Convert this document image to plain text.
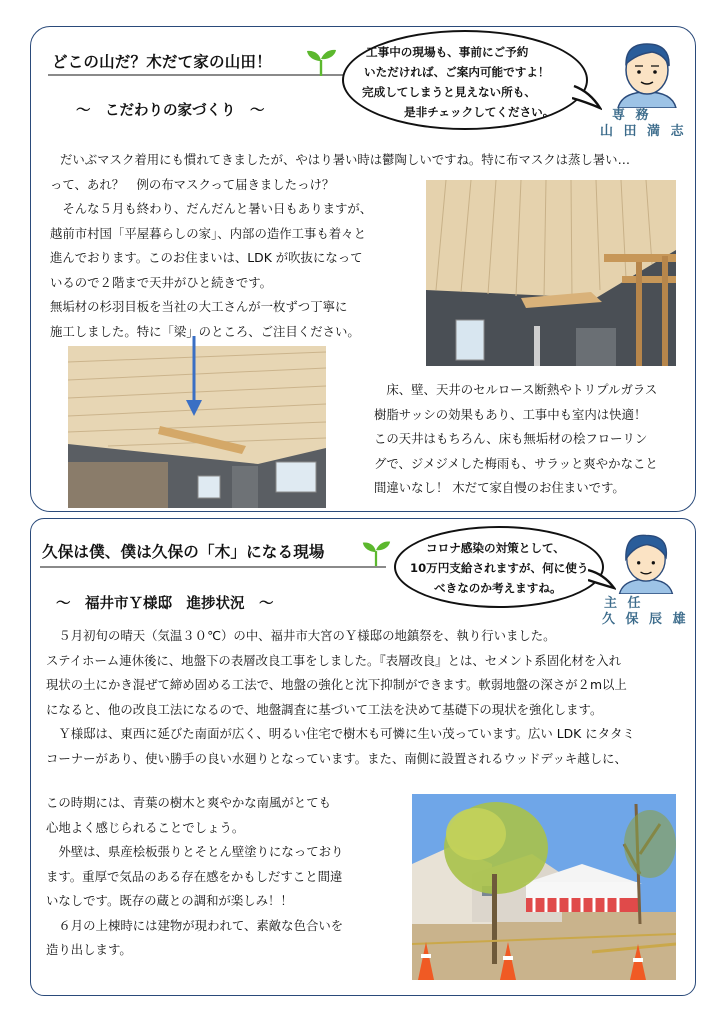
どこの山だ？木だて家の山田！
～　こだわりの家づくり　～
工事中の現場も、事前にご予約
いただければ、ご案内可能ですよ！
完成してしまうと見えない所も、
是非チェックしてください。	専 務
山 田 満 志

だいぶマスク着用にも慣れてきましたが、やはり暑い時は鬱陶しいですね。特に布マスクは蒸し暑い…

って、あれ？　例の布マスクって届きましたっけ？

　そんな５月も終わり、だんだんと暑い日もありますが、

越前市村国「平屋暮らしの家」、内部の造作工事も着々と

進んでおります。このお住まいは、LDK が吹抜になって

いるので２階まで天井がひと続きです。

無垢材の杉羽目板を当社の大工さんが一枚ずつ丁寧に

施工しました。特に「梁」のところ、ご注目ください。

　床、壁、天井のセルロース断熱やトリプルガラス

樹脂サッシの効果もあり、工事中も室内は快適！

この天井はもちろん、床も無垢材の桧フローリン

グで、ジメジメした梅雨も、サラッと爽やかなこと

間違いなし！ 木だて家自慢のお住まいです。

久保は僕、僕は久保の「木」になる現場
～　福井市Ｙ様邸　進捗状況　～
コロナ感染の対策として、
10万円支給されますが、何に使う
べきなのか考えますね。
主 任
久 保 辰 雄

　５月初旬の晴天（気温３０℃）の中、福井市大宮のＹ様邸の地鎮祭を、執り行いました。

ステイホーム連休後に、地盤下の表層改良工事をしました。『表層改良』とは、セメント系固化材を入れ

現状の土にかき混ぜて締め固める工法で、地盤の強化と沈下抑制ができます。軟弱地盤の深さが２m以上

になると、他の改良工法になるので、地盤調査に基づいて工法を決めて基礎下の現状を強化します。

　Ｙ様邸は、東西に延びた南面が広く、明るい住宅で樹木も可憐に生い茂っています。広い LDK にタタミ

コーナーがあり、使い勝手の良い水廻りとなっています。また、南側に設置されるウッドデッキ越しに、

この時期には、青葉の樹木と爽やかな南風がとても

心地よく感じられることでしょう。

　外壁は、県産桧板張りとそとん壁塗りになっており

ます。重厚で気品のある存在感をかもしだすこと間違

いなしです。既存の蔵との調和が楽しみ！！

　６月の上棟時には建物が現われて、素敵な色合いを

造り出します。
